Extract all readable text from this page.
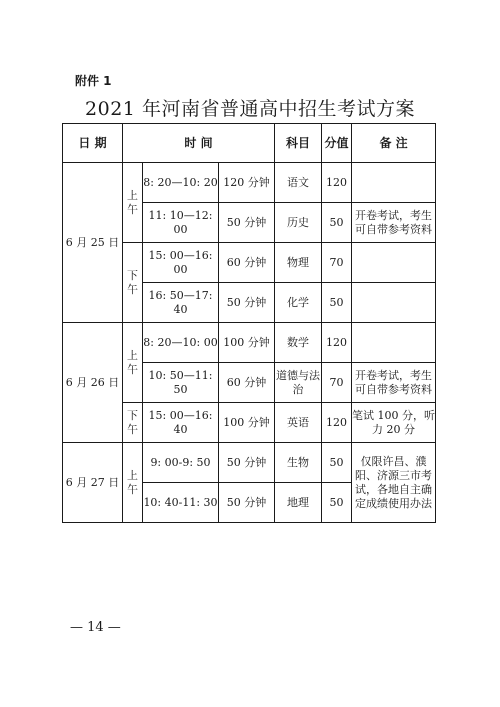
附件 1
2021 年河南省普通高中招生考试方案
日 期	时 间			科目	分值	备 注
6 月 25 日	上午	8: 20—10: 20	120 分钟	语文	120	
		11: 10—12: 00	50 分钟	历史	50	开卷考试，考生可自带参考资料
	下午	15: 00—16: 00	60 分钟	物理	70	
		16: 50—17: 40	50 分钟	化学	50	
6 月 26 日	上午	8: 20—10: 00	100 分钟	数学	120	
		10: 50—11: 50	60 分钟	道德与法治	70	开卷考试，考生可自带参考资料
	下午	15: 00—16: 40	100 分钟	英语	120	笔试 100 分，听力 20 分
6 月 27 日	上午	9: 00-9: 50	50 分钟	生物	50	仅限许昌、濮阳、济源三市考试，各地自主确定成绩使用办法
		10: 40-11: 30	50 分钟	地理	50	
— 14 —
